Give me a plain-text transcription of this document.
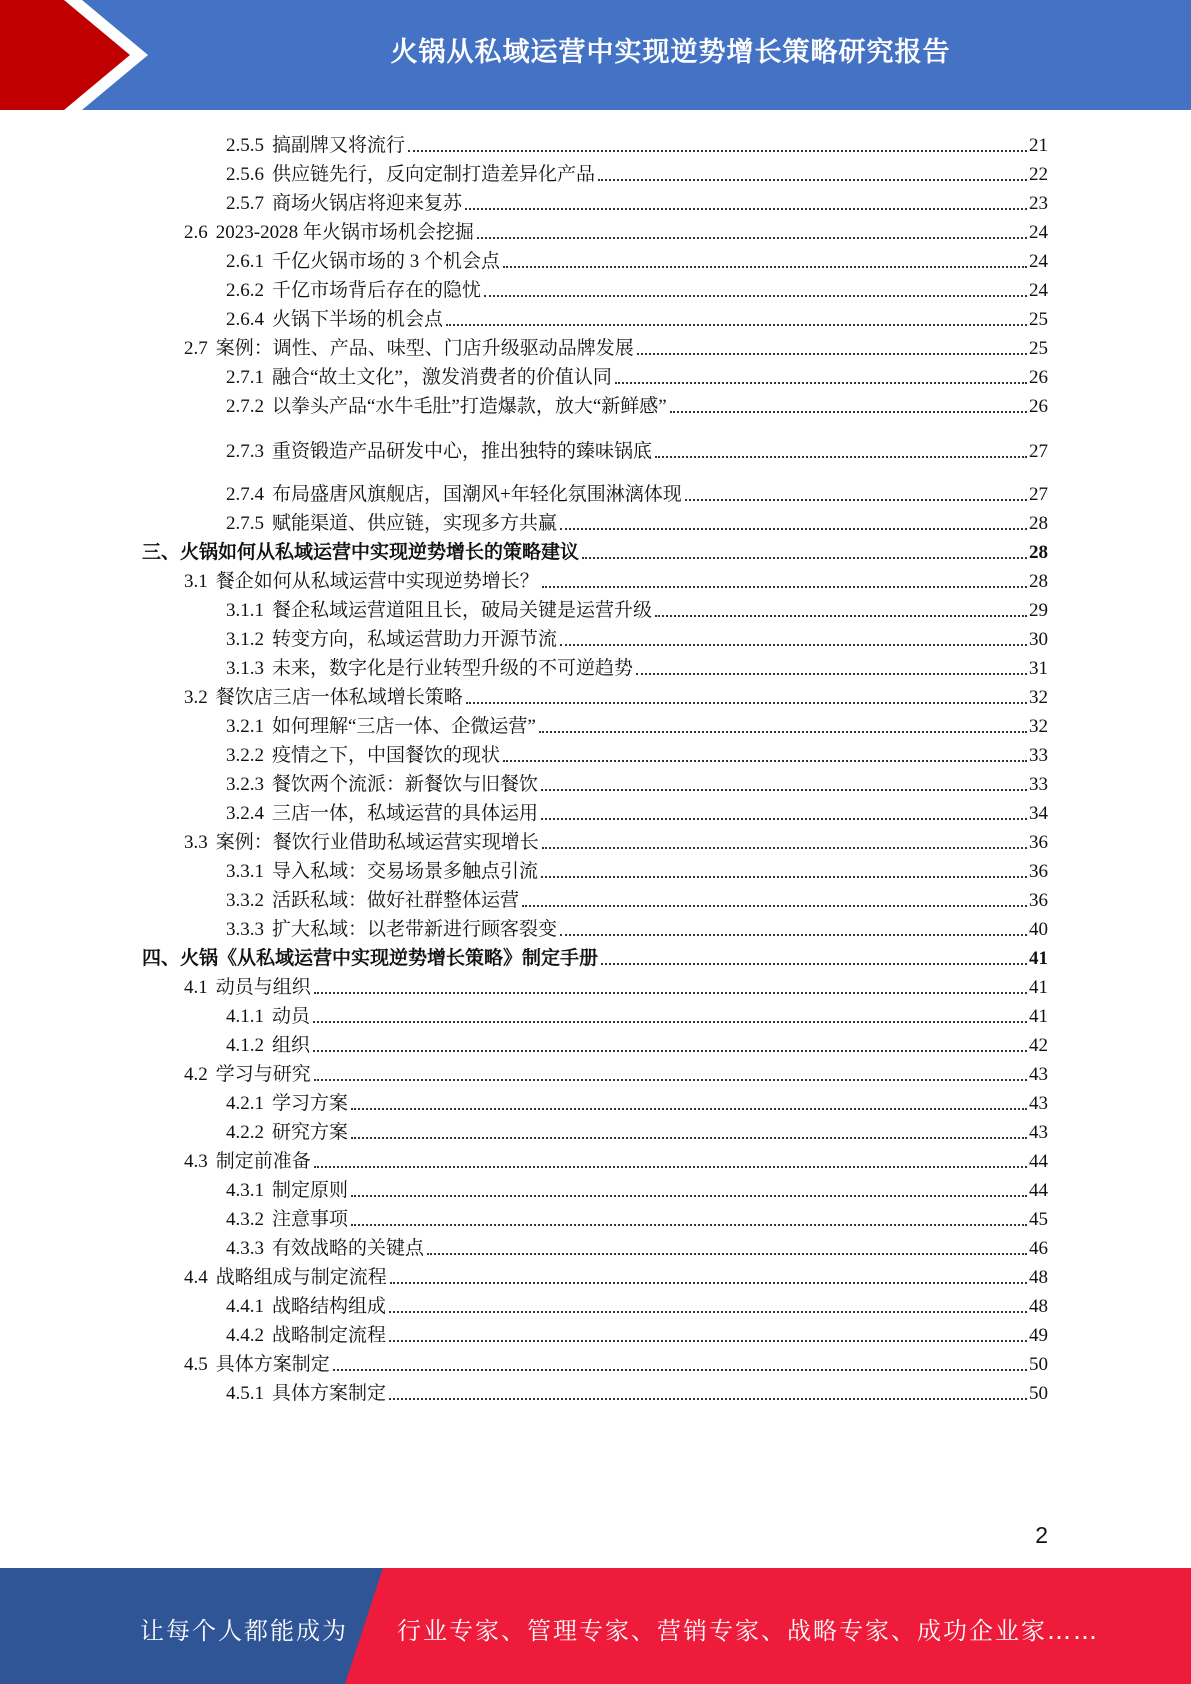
火锅从私域运营中实现逆势增长策略研究报告
2.5.5 搞副牌又将流行	21
2.5.6 供应链先行，反向定制打造差异化产品	22
2.5.7 商场火锅店将迎来复苏	23
2.6 2023-2028 年火锅市场机会挖掘	24
2.6.1 千亿火锅市场的 3 个机会点	24
2.6.2 千亿市场背后存在的隐忧	24
2.6.4 火锅下半场的机会点	25
2.7 案例：调性、产品、味型、门店升级驱动品牌发展	25
2.7.1 融合“故土文化”，激发消费者的价值认同	26
2.7.2 以拳头产品“水牛毛肚”打造爆款，放大“新鲜感”	26
2.7.3 重资锻造产品研发中心，推出独特的臻味锅底	27
2.7.4 布局盛唐风旗舰店，国潮风+年轻化氛围淋漓体现	27
2.7.5 赋能渠道、供应链，实现多方共赢	28
三、 火锅如何从私域运营中实现逆势增长的策略建议	28
3.1 餐企如何从私域运营中实现逆势增长？	28
3.1.1 餐企私域运营道阻且长，破局关键是运营升级	29
3.1.2 转变方向，私域运营助力开源节流	30
3.1.3 未来，数字化是行业转型升级的不可逆趋势	31
3.2 餐饮店三店一体私域增长策略	32
3.2.1 如何理解“三店一体、企微运营”	32
3.2.2 疫情之下，中国餐饮的现状	33
3.2.3 餐饮两个流派：新餐饮与旧餐饮	33
3.2.4 三店一体，私域运营的具体运用	34
3.3 案例：餐饮行业借助私域运营实现增长	36
3.3.1 导入私域：交易场景多触点引流	36
3.3.2 活跃私域：做好社群整体运营	36
3.3.3 扩大私域：以老带新进行顾客裂变	40
四、 火锅《从私域运营中实现逆势增长策略》制定手册	41
4.1 动员与组织	41
4.1.1 动员	41
4.1.2 组织	42
4.2 学习与研究	43
4.2.1 学习方案	43
4.2.2 研究方案	43
4.3 制定前准备	44
4.3.1 制定原则	44
4.3.2 注意事项	45
4.3.3 有效战略的关键点	46
4.4 战略组成与制定流程	48
4.4.1 战略结构组成	48
4.4.2 战略制定流程	49
4.5 具体方案制定	50
4.5.1 具体方案制定	50
2
让每个人都能成为 行业专家、管理专家、营销专家、战略专家、成功企业家……
